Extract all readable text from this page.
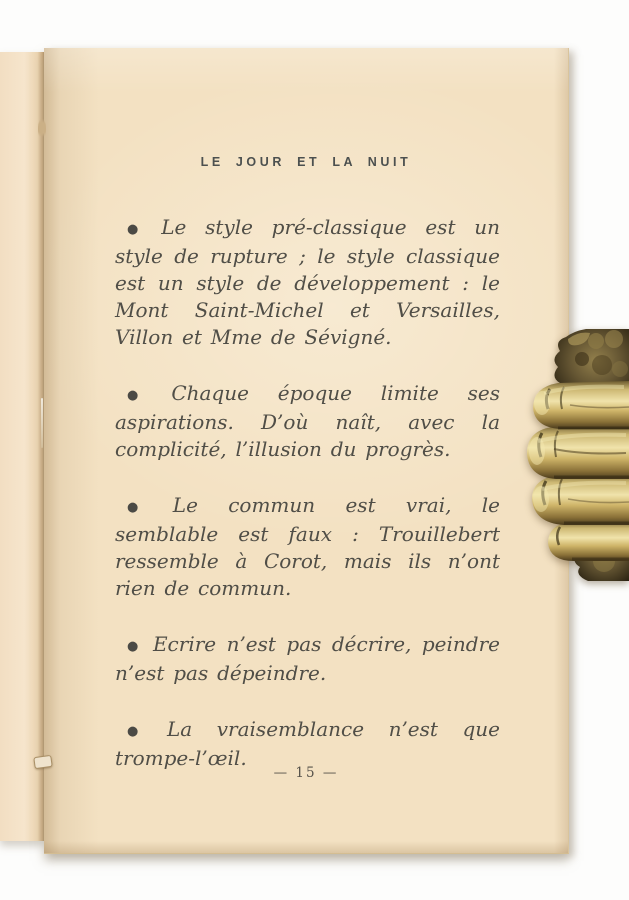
LE JOUR ET LA NUIT

● Le style pré-classique est un style de rupture ; le style classique est un style de développement : le Mont Saint-Michel et Versailles, Villon et Mme de Sévigné.

● Chaque époque limite ses aspirations. D’où naît, avec la complicité, l’illusion du progrès.

● Le commun est vrai, le semblable est faux : Trouillebert ressemble à Corot, mais ils n’ont rien de commun.

● Ecrire n’est pas décrire, peindre n’est pas dépeindre.

● La vraisemblance n’est que trompe-l’œil.

— 15 —
